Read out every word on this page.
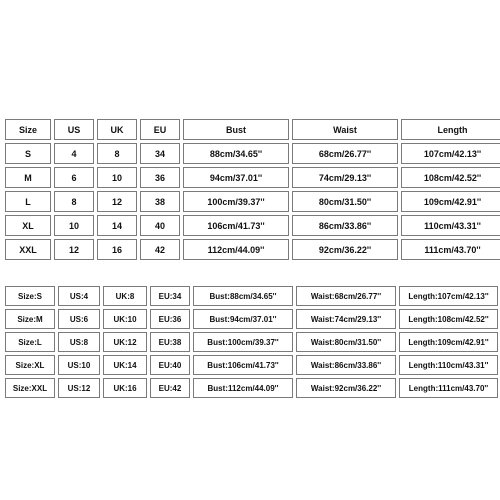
Size	US	UK	EU	Bust	Waist	Length
S	4	8	34	88cm/34.65''	68cm/26.77''	107cm/42.13''
M	6	10	36	94cm/37.01''	74cm/29.13''	108cm/42.52''
L	8	12	38	100cm/39.37''	80cm/31.50''	109cm/42.91''
XL	10	14	40	106cm/41.73''	86cm/33.86''	110cm/43.31''
XXL	12	16	42	112cm/44.09''	92cm/36.22''	111cm/43.70''
Size:S	US:4	UK:8	EU:34	Bust:88cm/34.65''	Waist:68cm/26.77''	Length:107cm/42.13''
Size:M	US:6	UK:10	EU:36	Bust:94cm/37.01''	Waist:74cm/29.13''	Length:108cm/42.52''
Size:L	US:8	UK:12	EU:38	Bust:100cm/39.37''	Waist:80cm/31.50''	Length:109cm/42.91''
Size:XL	US:10	UK:14	EU:40	Bust:106cm/41.73''	Waist:86cm/33.86''	Length:110cm/43.31''
Size:XXL	US:12	UK:16	EU:42	Bust:112cm/44.09''	Waist:92cm/36.22''	Length:111cm/43.70''
